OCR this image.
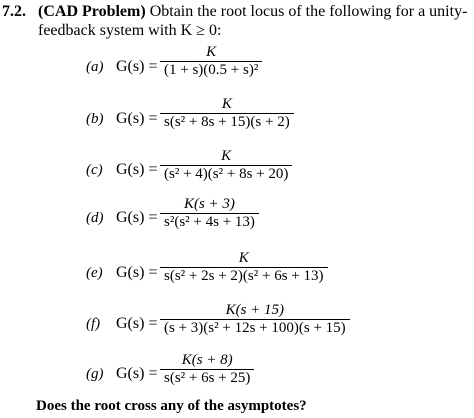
7.2. (CAD Problem) Obtain the root locus of the following for a unity-
feedback system with K ≥ 0:
(a) $G(s) = \frac{K}{\text{(1 + s)(0.5 + s)²}}$
(b) $G(s) = \frac{K}{\text{s(s² + 8s + 15)(s + 2)}}$
(c) $G(s) = \frac{K}{\text{(s² + 4)(s² + 8s + 20)}}$
(d) $G(s) = \frac{K(s + 3)}{\text{s²(s² + 4s + 13)}}$
(e) $G(s) = \frac{K}{\text{s(s² + 2s + 2)(s² + 6s + 13)}}$
(f) $G(s) = \frac{K(s + 15)}{\text{(s + 3)(s² + 12s + 100)(s + 15)}}$
(g) $G(s) = \frac{K(s + 8)}{\text{s(s² + 6s + 25)}}$
Does the root cross any of the asymptotes?
